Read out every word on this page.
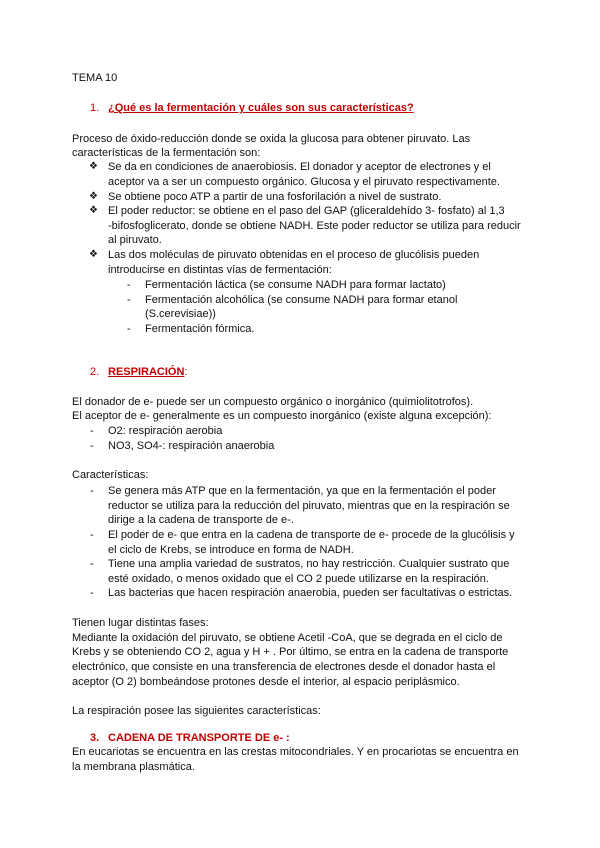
TEMA 10
1. ¿Qué es la fermentación y cuáles son sus características?
Proceso de óxido-reducción donde se oxida la glucosa para obtener piruvato. Las
características de la fermentación son:
❖ Se da en condiciones de anaerobiosis. El donador y aceptor de electrones y el
aceptor va a ser un compuesto orgánico. Glucosa y el piruvato respectivamente.
❖ Se obtiene poco ATP a partir de una fosforilación a nivel de sustrato.
❖ El poder reductor: se obtiene en el paso del GAP (gliceraldehído 3- fosfato) al 1,3
-bifosfoglicerato, donde se obtiene NADH. Este poder reductor se utiliza para reducir
al piruvato.
❖ Las dos moléculas de piruvato obtenidas en el proceso de glucólisis pueden
introducirse en distintas vías de fermentación:
- Fermentación láctica (se consume NADH para formar lactato)
- Fermentación alcohólica (se consume NADH para formar etanol
(S.cerevisiae))
- Fermentación fórmica.
2. RESPIRACIÓN:
El donador de e- puede ser un compuesto orgánico o inorgánico (quimiolitotrofos).
El aceptor de e- generalmente es un compuesto inorgánico (existe alguna excepción):
- O2: respiración aerobia
- NO3, SO4-: respiración anaerobia
Características:
- Se genera más ATP que en la fermentación, ya que en la fermentación el poder
reductor se utiliza para la reducción del piruvato, mientras que en la respiración se
dirige a la cadena de transporte de e-.
- El poder de e- que entra en la cadena de transporte de e- procede de la glucólisis y
el ciclo de Krebs, se introduce en forma de NADH.
- Tiene una amplia variedad de sustratos, no hay restricción. Cualquier sustrato que
esté oxidado, o menos oxidado que el CO 2 puede utilizarse en la respiración.
- Las bacterias que hacen respiración anaerobia, pueden ser facultativas o estrictas.
Tienen lugar distintas fases:
Mediante la oxidación del piruvato, se obtiene Acetil -CoA, que se degrada en el ciclo de
Krebs y se obteniendo CO 2, agua y H + . Por último, se entra en la cadena de transporte
electrónico, que consiste en una transferencia de electrones desde el donador hasta el
aceptor (O 2) bombeándose protones desde el interior, al espacio periplásmico.
La respiración posee las siguientes características:
3. CADENA DE TRANSPORTE DE e- :
En eucariotas se encuentra en las crestas mitocondriales. Y en procariotas se encuentra en
la membrana plasmática.
